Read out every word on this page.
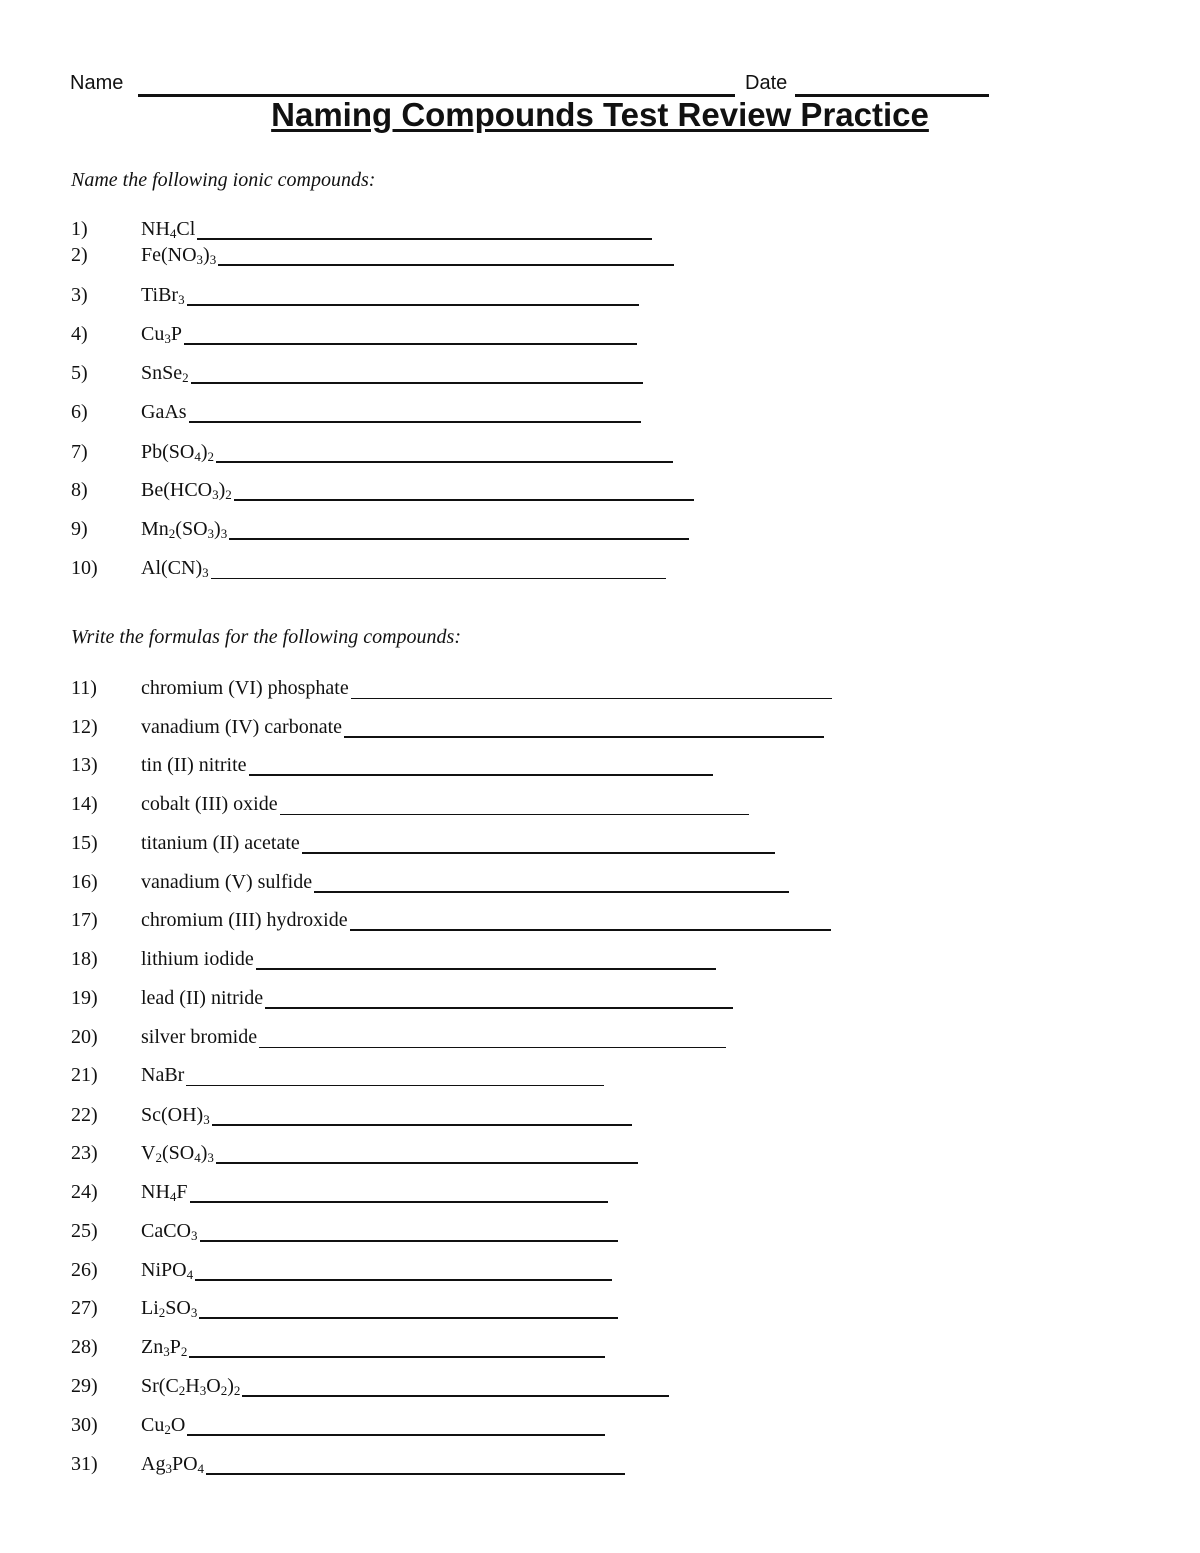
Name	Date
Naming Compounds Test Review Practice
Name the following ionic compounds:
1)	$NH_4Cl$
2)	$Fe(NO_3)_3$
3)	TiBr$_3$
4)	$Cu_3P$
5)	SnSe$_2$
6)	GaAs
7)	$Pb(SO_4)_2$
8)	$Be(HCO_3)_2$
9)	$Mn_2(SO_3)_3$
10) $Al(CN)_3$
Write the formulas for the following compounds:
11) chromium (VI) phosphate
12) vanadium (IV) carbonate
13) tin (II) nitrite
14) cobalt (III) oxide
15) titanium (II) acetate
16) vanadium (V) sulfide
17) chromium (III) hydroxide
18) lithium iodide
19) lead (II) nitride
20) silver bromide
21) NaBr
22) $Sc(OH)_3$
23) $V_2(SO_4)_3$
24) $NH_4F$
25) CaCO$_3$
26) NiPO$_4$
27) $Li_2SO_3$
28) $Zn_3P_2$
29) $Sr(C_2H_3O_2)_2$
30) $Cu_2O$
31) $Ag_3PO_4$
